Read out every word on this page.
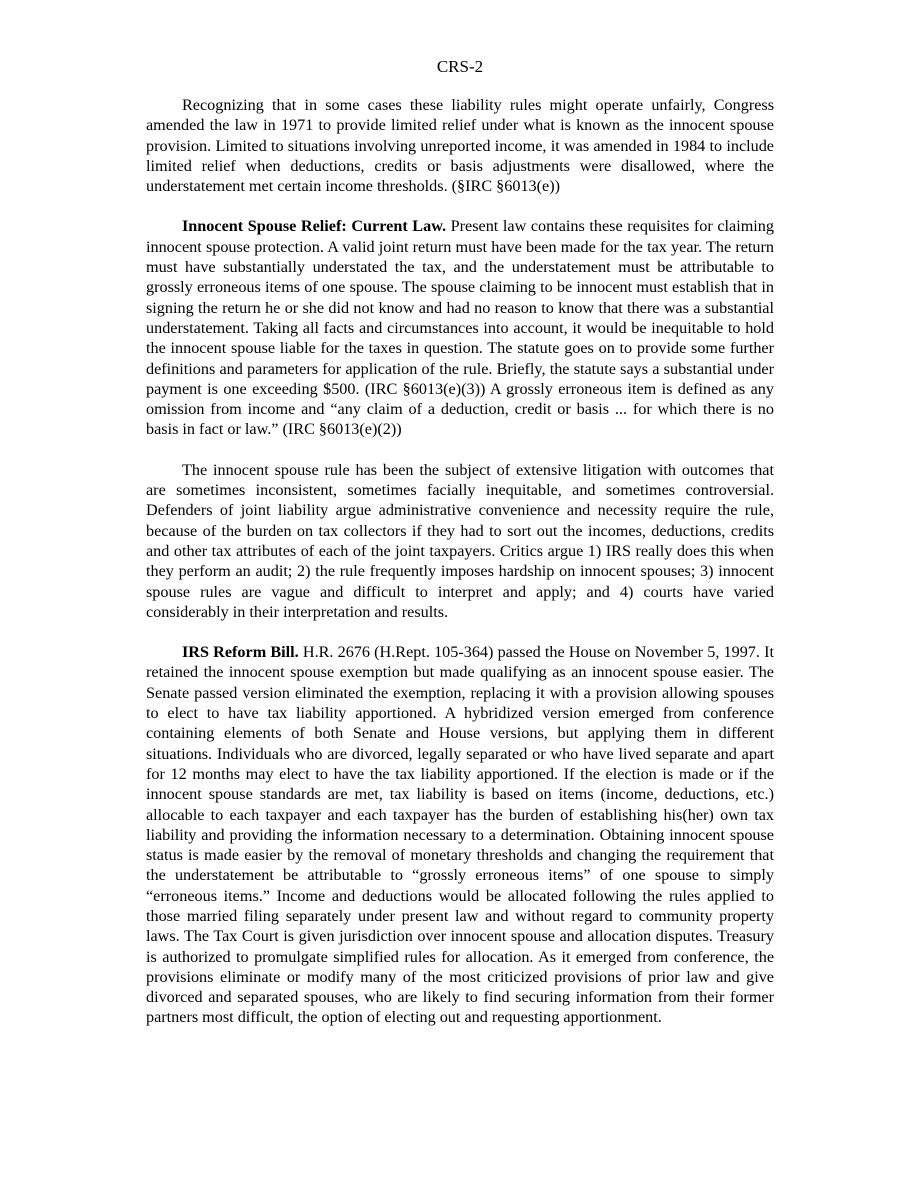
CRS-2

Recognizing that in some cases these liability rules might operate unfairly, Congress amended the law in 1971 to provide limited relief under what is known as the innocent spouse provision. Limited to situations involving unreported income, it was amended in 1984 to include limited relief when deductions, credits or basis adjustments were disallowed, where the understatement met certain income thresholds. (§IRC §6013(e))

Innocent Spouse Relief: Current Law. Present law contains these requisites for claiming innocent spouse protection. A valid joint return must have been made for the tax year. The return must have substantially understated the tax, and the understatement must be attributable to grossly erroneous items of one spouse. The spouse claiming to be innocent must establish that in signing the return he or she did not know and had no reason to know that there was a substantial understatement. Taking all facts and circumstances into account, it would be inequitable to hold the innocent spouse liable for the taxes in question. The statute goes on to provide some further definitions and parameters for application of the rule. Briefly, the statute says a substantial under payment is one exceeding $500. (IRC §6013(e)(3)) A grossly erroneous item is defined as any omission from income and “any claim of a deduction, credit or basis ... for which there is no basis in fact or law.” (IRC §6013(e)(2))

The innocent spouse rule has been the subject of extensive litigation with outcomes that are sometimes inconsistent, sometimes facially inequitable, and sometimes controversial. Defenders of joint liability argue administrative convenience and necessity require the rule, because of the burden on tax collectors if they had to sort out the incomes, deductions, credits and other tax attributes of each of the joint taxpayers. Critics argue 1) IRS really does this when they perform an audit; 2) the rule frequently imposes hardship on innocent spouses; 3) innocent spouse rules are vague and difficult to interpret and apply; and 4) courts have varied considerably in their interpretation and results.

IRS Reform Bill. H.R. 2676 (H.Rept. 105-364) passed the House on November 5, 1997. It retained the innocent spouse exemption but made qualifying as an innocent spouse easier. The Senate passed version eliminated the exemption, replacing it with a provision allowing spouses to elect to have tax liability apportioned. A hybridized version emerged from conference containing elements of both Senate and House versions, but applying them in different situations. Individuals who are divorced, legally separated or who have lived separate and apart for 12 months may elect to have the tax liability apportioned. If the election is made or if the innocent spouse standards are met, tax liability is based on items (income, deductions, etc.) allocable to each taxpayer and each taxpayer has the burden of establishing his(her) own tax liability and providing the information necessary to a determination. Obtaining innocent spouse status is made easier by the removal of monetary thresholds and changing the requirement that the understatement be attributable to “grossly erroneous items” of one spouse to simply “erroneous items.” Income and deductions would be allocated following the rules applied to those married filing separately under present law and without regard to community property laws. The Tax Court is given jurisdiction over innocent spouse and allocation disputes. Treasury is authorized to promulgate simplified rules for allocation. As it emerged from conference, the provisions eliminate or modify many of the most criticized provisions of prior law and give divorced and separated spouses, who are likely to find securing information from their former partners most difficult, the option of electing out and requesting apportionment.
